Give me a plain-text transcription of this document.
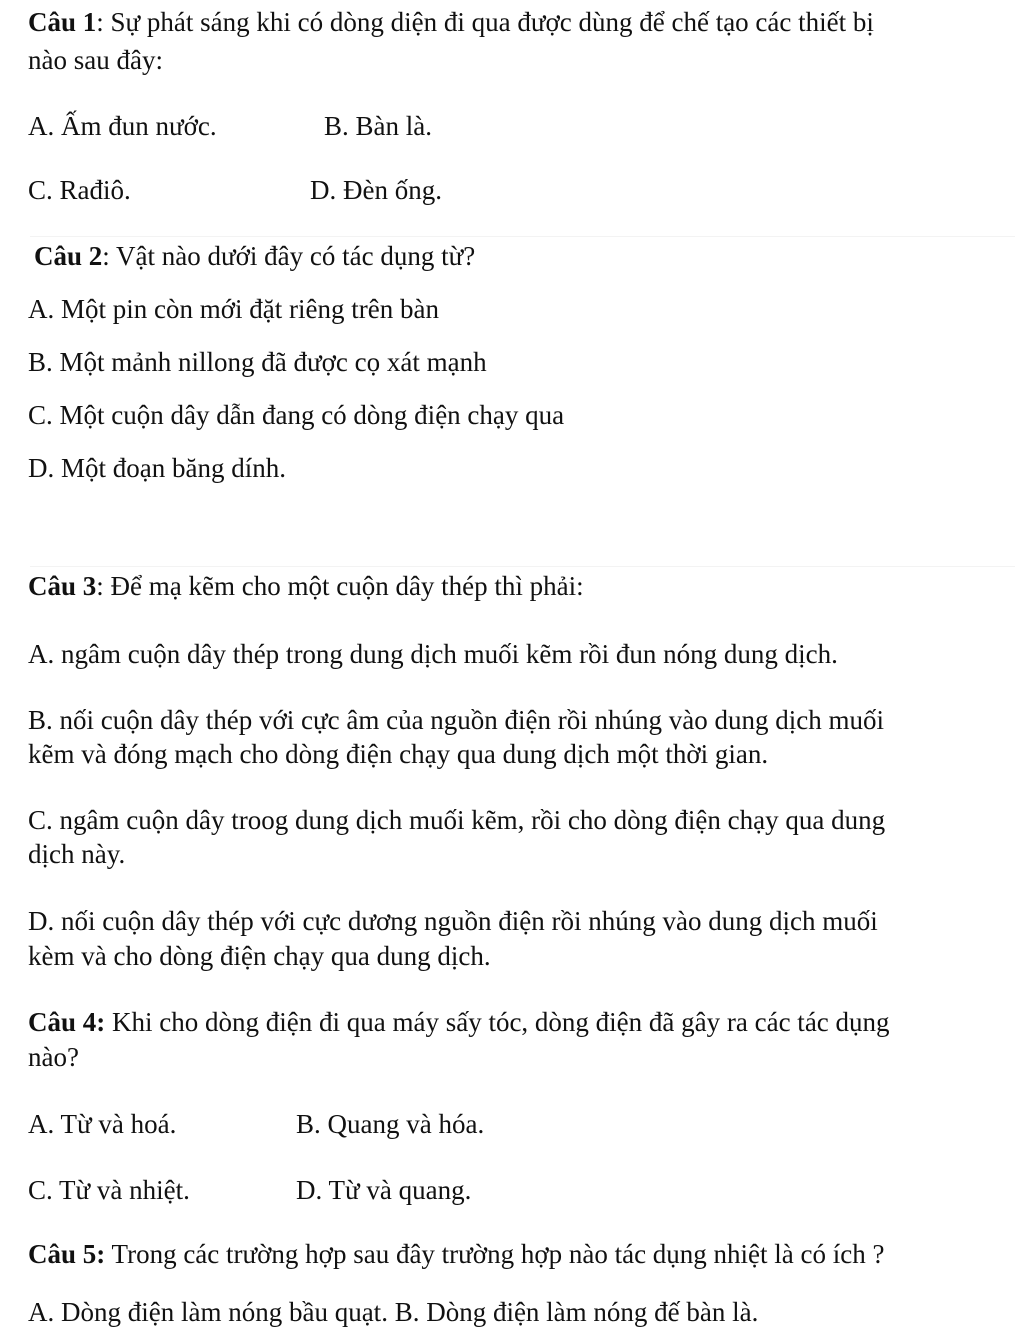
Câu 1: Sự phát sáng khi có dòng diện đi qua được dùng để chế tạo các thiết bị
nào sau đây:
A. Ấm đun nước.	B. Bàn là.
C. Rađiô.	D. Đèn ống.
Câu 2: Vật nào dưới đây có tác dụng từ?
A. Một pin còn mới đặt riêng trên bàn
B. Một mảnh nillong đã được cọ xát mạnh
C. Một cuộn dây dẫn đang có dòng điện chạy qua
D. Một đoạn băng dính.
Câu 3: Để mạ kẽm cho một cuộn dây thép thì phải:
A. ngâm cuộn dây thép trong dung dịch muối kẽm rồi đun nóng dung dịch.
B. nối cuộn dây thép với cực âm của nguồn điện rồi nhúng vào dung dịch muối
kẽm và đóng mạch cho dòng điện chạy qua dung dịch một thời gian.
C. ngâm cuộn dây troog dung dịch muối kẽm, rồi cho dòng điện chạy qua dung
dịch này.
D. nối cuộn dây thép với cực dương nguồn điện rồi nhúng vào dung dịch muối
kèm và cho dòng điện chạy qua dung dịch.
Câu 4: Khi cho dòng điện đi qua máy sấy tóc, dòng điện đã gây ra các tác dụng
nào?
A. Từ và hoá.	B. Quang và hóa.
C. Từ và nhiệt.	D. Từ và quang.
Câu 5: Trong các trường hợp sau đây trường hợp nào tác dụng nhiệt là có ích ?
A. Dòng điện làm nóng bầu quạt. B. Dòng điện làm nóng đế bàn là.
